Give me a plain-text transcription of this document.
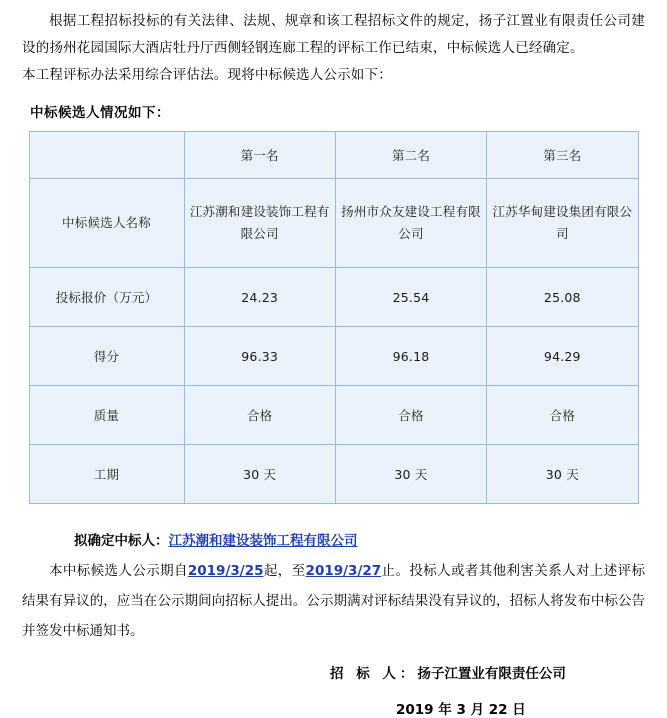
根据工程招标投标的有关法律、法规、规章和该工程招标文件的规定，扬子江置业有限责任公司建设的扬州花园国际大酒店牡丹厅西侧轻钢连廊工程的评标工作已结束，中标候选人已经确定。

本工程评标办法采用综合评估法。现将中标候选人公示如下：

中标候选人情况如下：
	第一名	第二名	第三名
中标候选人名称	江苏潮和建设装饰工程有限公司	扬州市众友建设工程有限公司	江苏华甸建设集团有限公司
投标报价（万元）	24.23	25.54	25.08
得分	96.33	96.18	94.29
质量	合格	合格	合格
工期	30 天	30 天	30 天
拟确定中标人：江苏潮和建设装饰工程有限公司

本中标候选人公示期自2019/3/25起，至2019/3/27止。投标人或者其他利害关系人对上述评标结果有异议的，应当在公示期间向招标人提出。公示期满对评标结果没有异议的，招标人将发布中标公告并签发中标通知书。

招 标 人：扬子江置业有限责任公司
2019 年 3 月 22 日
